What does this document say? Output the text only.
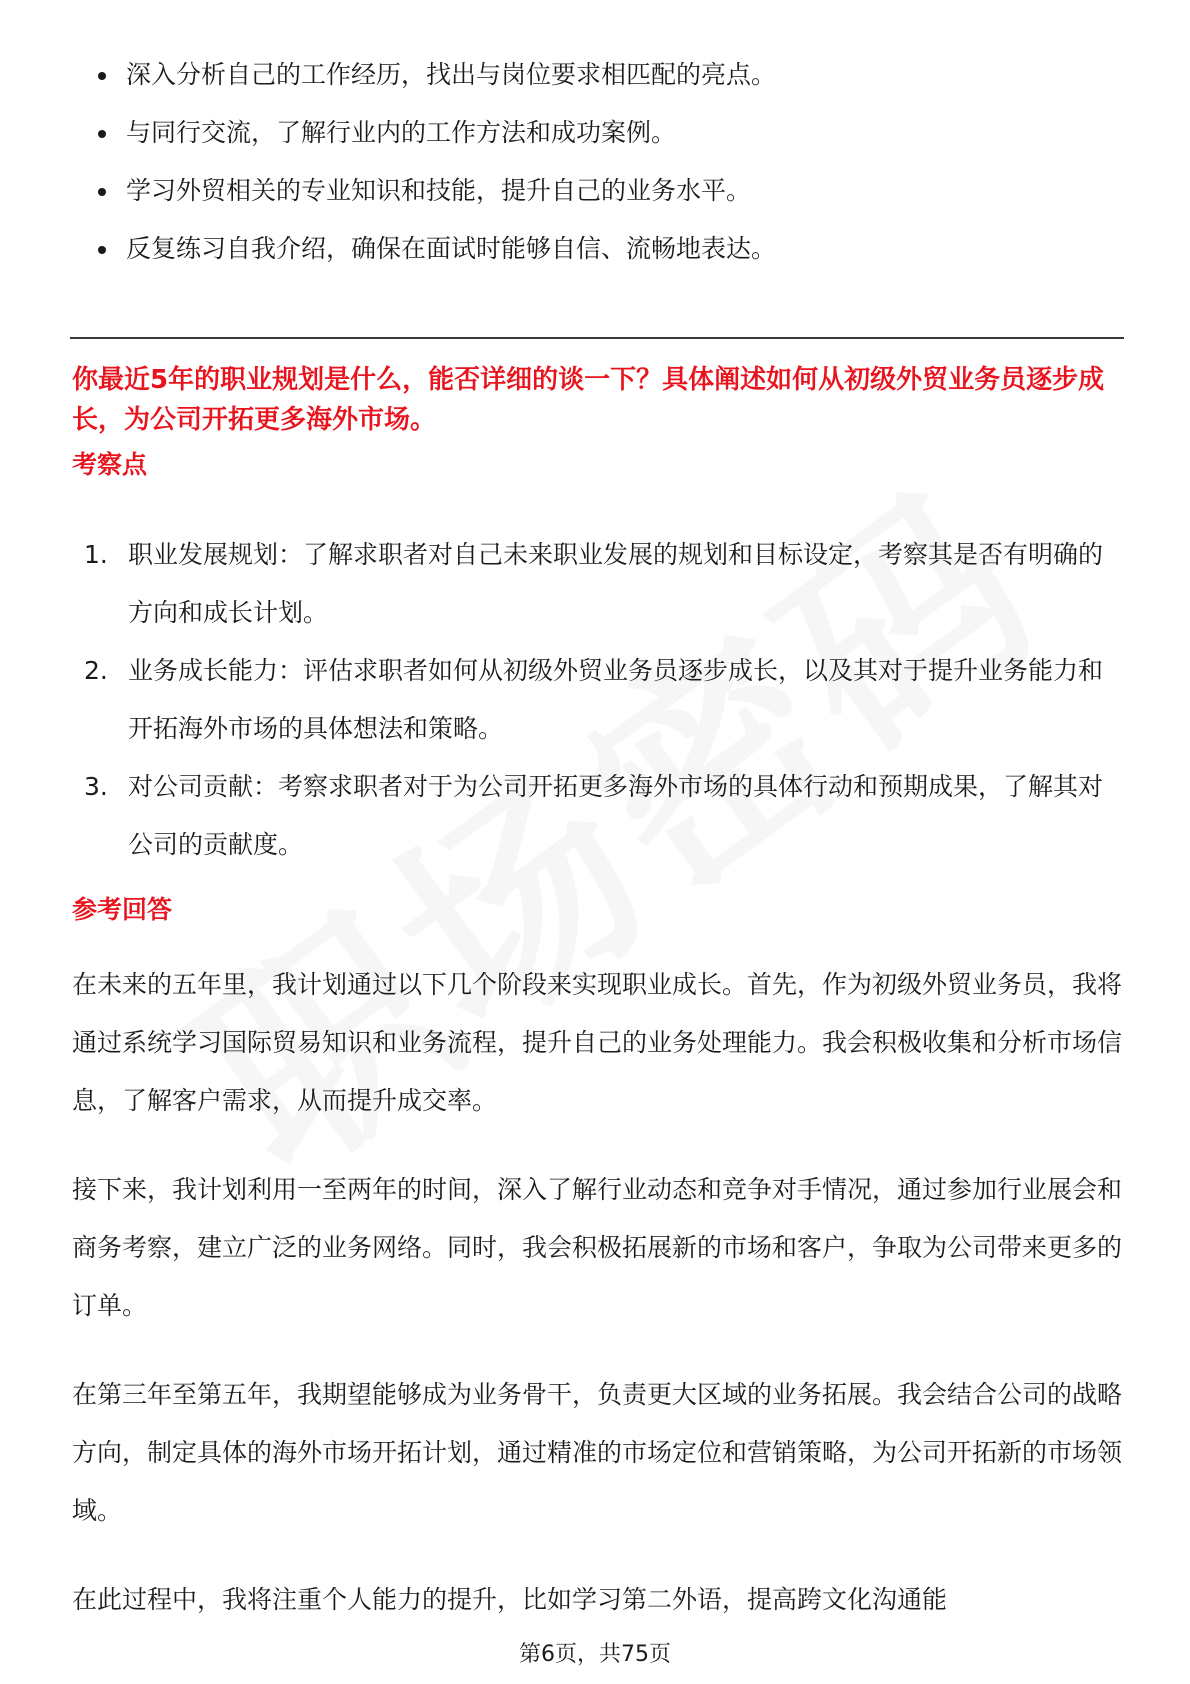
深入分析自己的工作经历，找出与岗位要求相匹配的亮点。
与同行交流，了解行业内的工作方法和成功案例。
学习外贸相关的专业知识和技能，提升自己的业务水平。
反复练习自我介绍，确保在面试时能够自信、流畅地表达。
你最近5年的职业规划是什么，能否详细的谈一下？具体阐述如何从初级外贸业务员逐步成长，为公司开拓更多海外市场。
考察点
1. 职业发展规划：了解求职者对自己未来职业发展的规划和目标设定，考察其是否有明确的方向和成长计划。
2. 业务成长能力：评估求职者如何从初级外贸业务员逐步成长，以及其对于提升业务能力和开拓海外市场的具体想法和策略。
3. 对公司贡献：考察求职者对于为公司开拓更多海外市场的具体行动和预期成果，了解其对公司的贡献度。
参考回答

在未来的五年里，我计划通过以下几个阶段来实现职业成长。首先，作为初级外贸业务员，我将通过系统学习国际贸易知识和业务流程，提升自己的业务处理能力。我会积极收集和分析市场信息，了解客户需求，从而提升成交率。

接下来，我计划利用一至两年的时间，深入了解行业动态和竞争对手情况，通过参加行业展会和商务考察，建立广泛的业务网络。同时，我会积极拓展新的市场和客户，争取为公司带来更多的订单。

在第三年至第五年，我期望能够成为业务骨干，负责更大区域的业务拓展。我会结合公司的战略方向，制定具体的海外市场开拓计划，通过精准的市场定位和营销策略，为公司开拓新的市场领域。

在此过程中，我将注重个人能力的提升，比如学习第二外语，提高跨文化沟通能

第6页，共75页
